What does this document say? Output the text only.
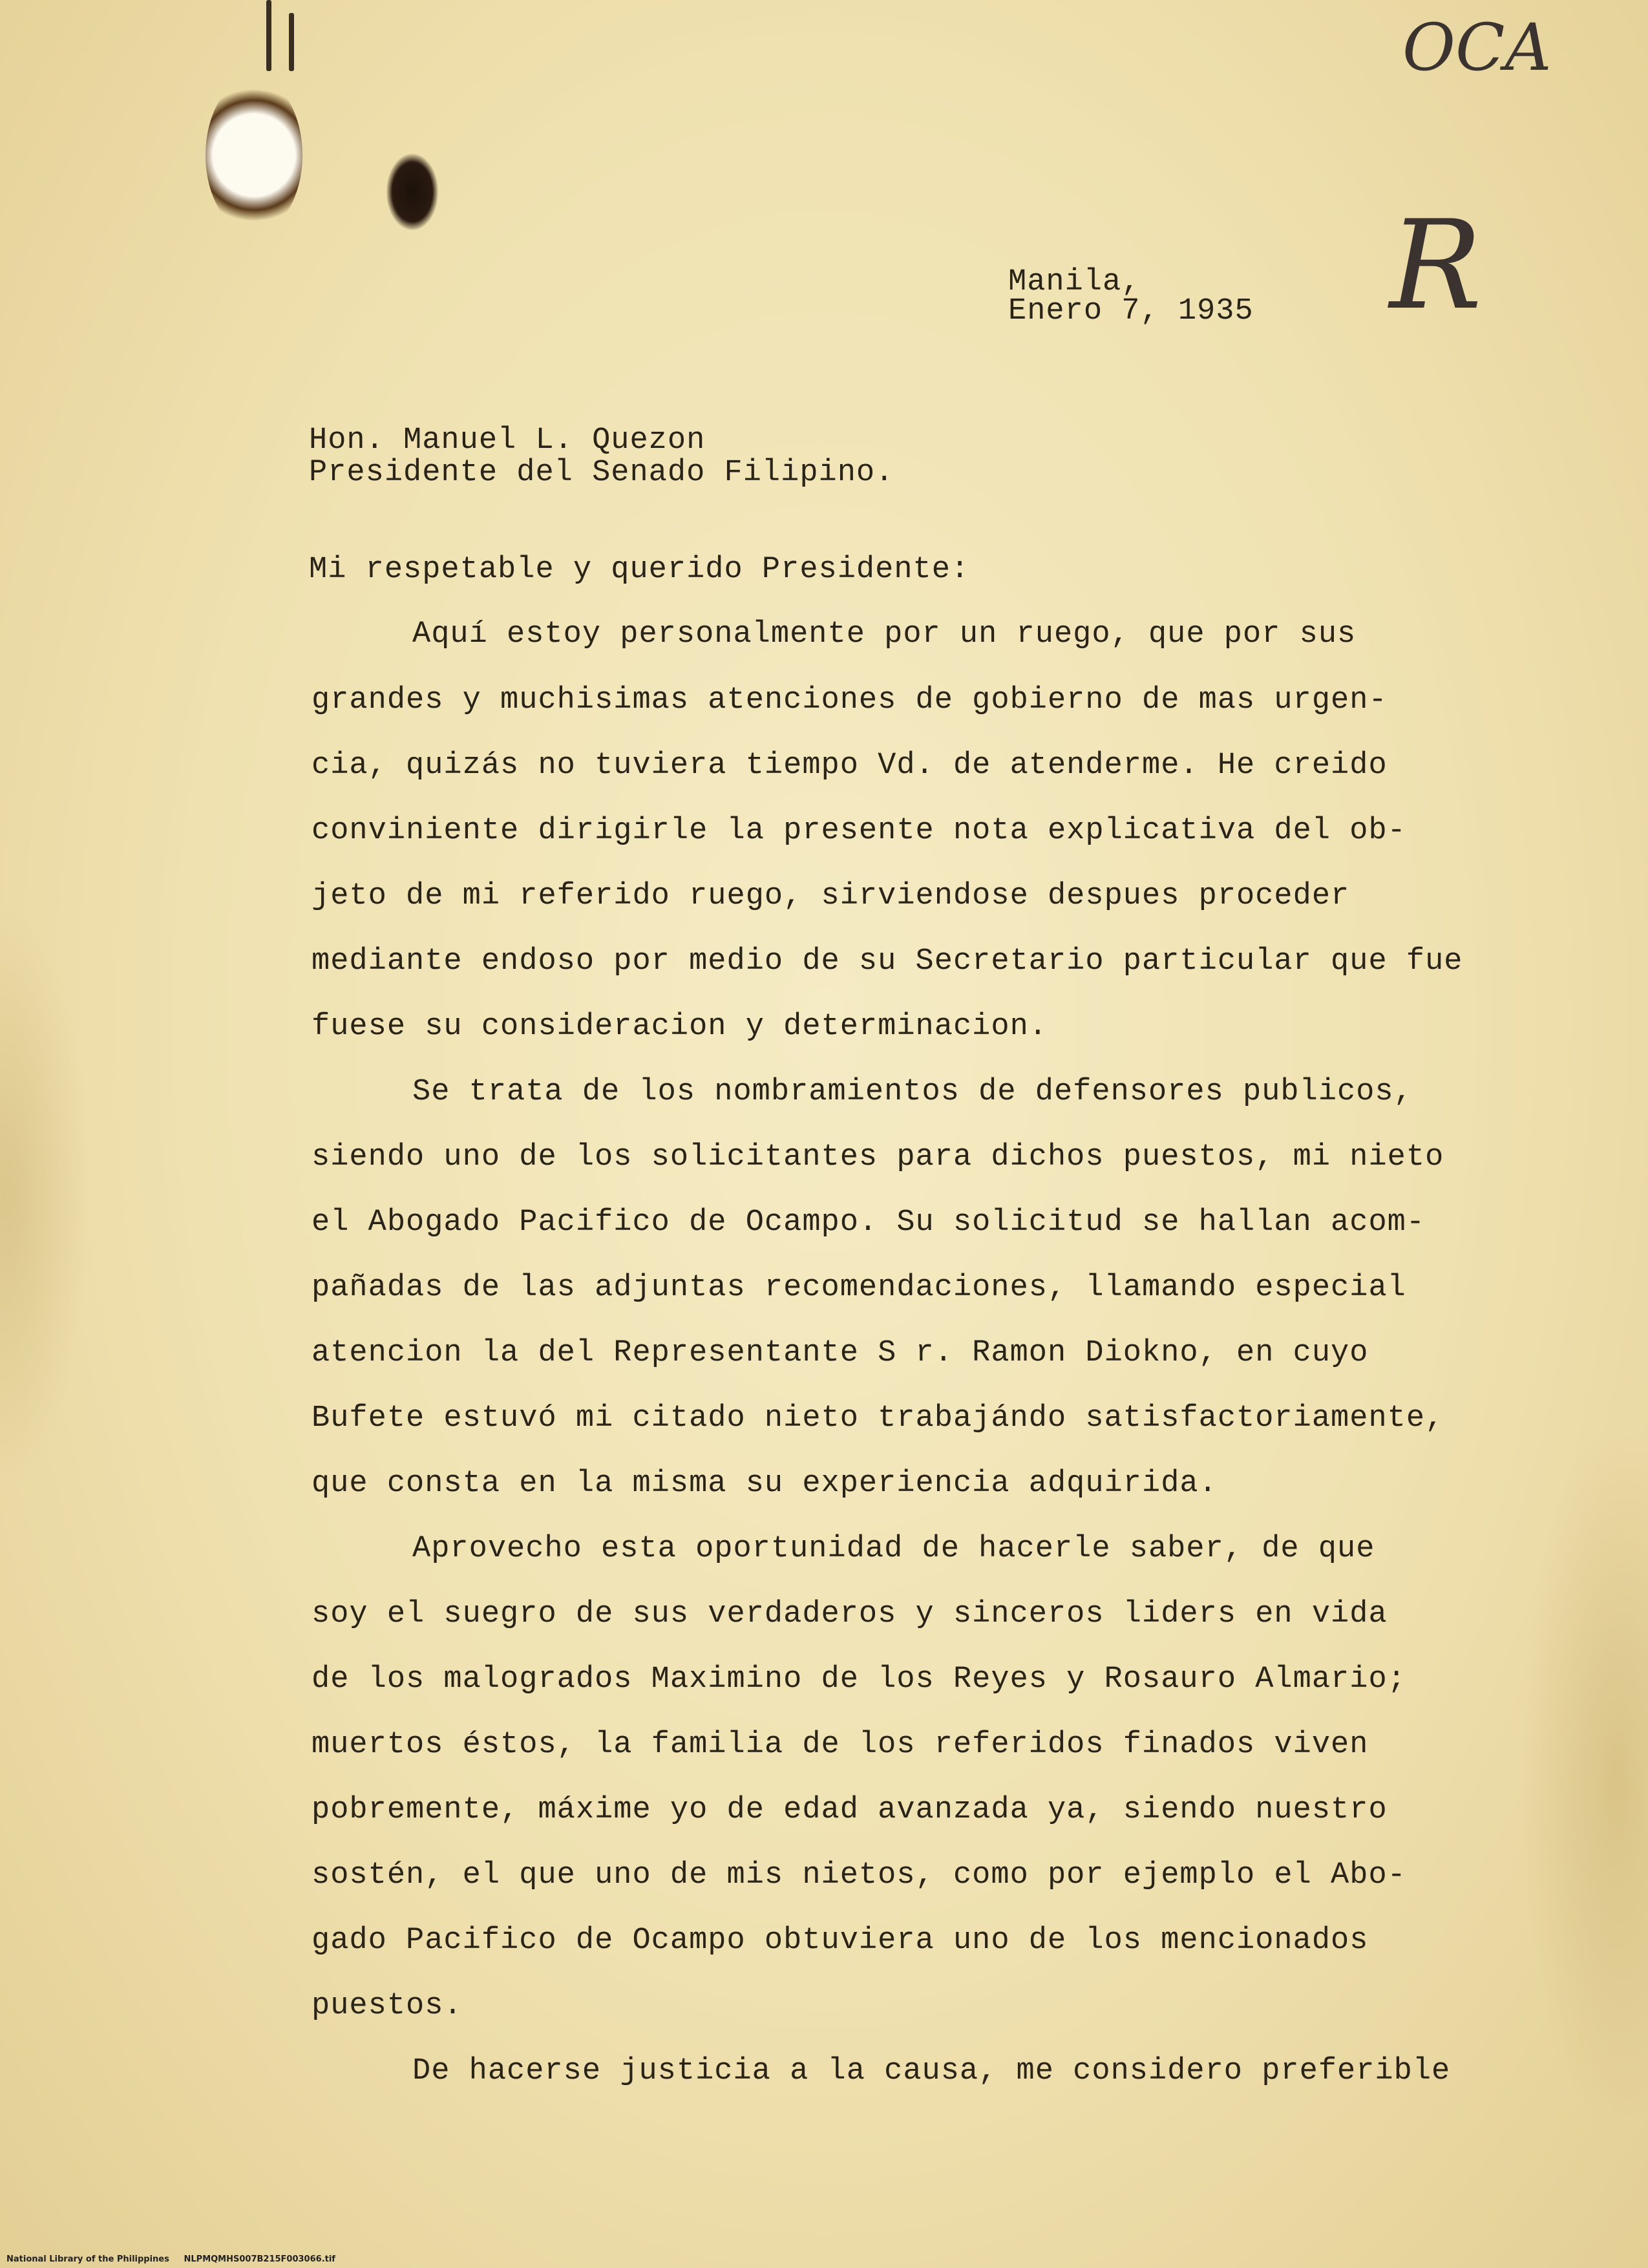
OCA
R
Manila,
Enero 7, 1935
Hon. Manuel L. Quezon
Presidente del Senado Filipino.
Mi respetable y querido Presidente:
Aquí estoy personalmente por un ruego, que por sus
grandes y muchisimas atenciones de gobierno de mas urgen-
cia, quizás no tuviera tiempo Vd. de atenderme. He creido
conviniente dirigirle la presente nota explicativa del ob-
jeto de mi referido ruego, sirviendose despues proceder
mediante endoso por medio de su Secretario particular que fue
fuese su consideracion y determinacion.
Se trata de los nombramientos de defensores publicos,
siendo uno de los solicitantes para dichos puestos, mi nieto
el Abogado Pacifico de Ocampo. Su solicitud se hallan acom-
pañadas de las adjuntas recomendaciones, llamando especial
atencion la del Representante S r. Ramon Diokno, en cuyo
Bufete estuvó mi citado nieto trabajándo satisfactoriamente,
que consta en la misma su experiencia adquirida.
Aprovecho esta oportunidad de hacerle saber, de que
soy el suegro de sus verdaderos y sinceros liders en vida
de los malogrados Maximino de los Reyes y Rosauro Almario;
muertos éstos, la familia de los referidos finados viven
pobremente, máxime yo de edad avanzada ya, siendo nuestro
sostén, el que uno de mis nietos, como por ejemplo el Abo-
gado Pacifico de Ocampo obtuviera uno de los mencionados
puestos.
De hacerse justicia a la causa, me considero preferible
National Library of the Philippines NLPMQMHS007B215F003066.tif
